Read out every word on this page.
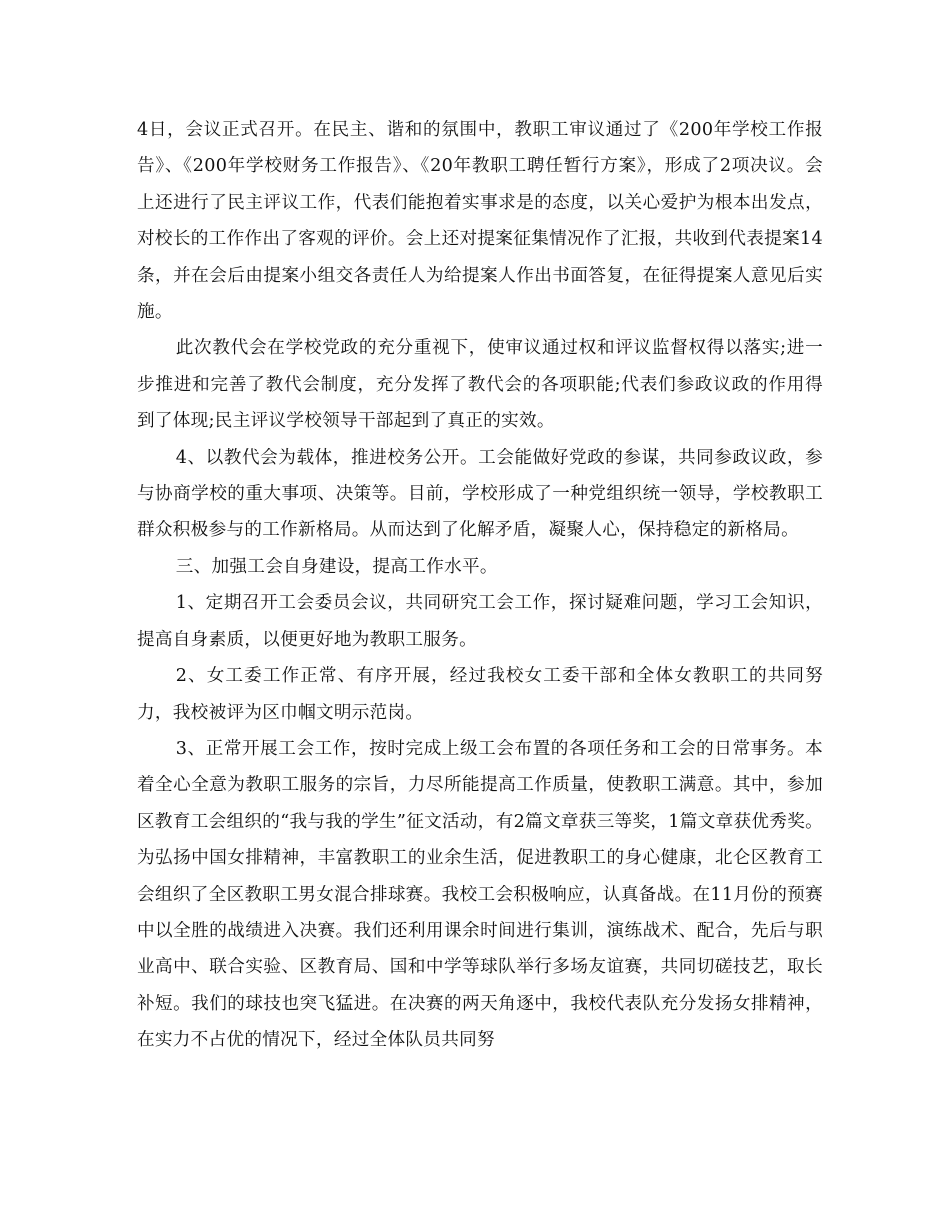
4日，会议正式召开。在民主、谐和的氛围中，教职工审议通过了《200年学校工作报告》、《200年学校财务工作报告》、《20年教职工聘任暂行方案》，形成了2项决议。会上还进行了民主评议工作，代表们能抱着实事求是的态度，以关心爱护为根本出发点，对校长的工作作出了客观的评价。会上还对提案征集情况作了汇报，共收到代表提案14条，并在会后由提案小组交各责任人为给提案人作出书面答复，在征得提案人意见后实施。

此次教代会在学校党政的充分重视下，使审议通过权和评议监督权得以落实;进一步推进和完善了教代会制度，充分发挥了教代会的各项职能;代表们参政议政的作用得到了体现;民主评议学校领导干部起到了真正的实效。

4、以教代会为载体，推进校务公开。工会能做好党政的参谋，共同参政议政，参与协商学校的重大事项、决策等。目前，学校形成了一种党组织统一领导，学校教职工群众积极参与的工作新格局。从而达到了化解矛盾，凝聚人心，保持稳定的新格局。

三、加强工会自身建设，提高工作水平。

1、定期召开工会委员会议，共同研究工会工作，探讨疑难问题，学习工会知识，提高自身素质，以便更好地为教职工服务。

2、女工委工作正常、有序开展，经过我校女工委干部和全体女教职工的共同努力，我校被评为区巾帼文明示范岗。

3、正常开展工会工作，按时完成上级工会布置的各项任务和工会的日常事务。本着全心全意为教职工服务的宗旨，力尽所能提高工作质量，使教职工满意。其中，参加区教育工会组织的“我与我的学生”征文活动，有2篇文章获三等奖，1篇文章获优秀奖。为弘扬中国女排精神，丰富教职工的业余生活，促进教职工的身心健康，北仑区教育工会组织了全区教职工男女混合排球赛。我校工会积极响应，认真备战。在11月份的预赛中以全胜的战绩进入决赛。我们还利用课余时间进行集训，演练战术、配合，先后与职业高中、联合实验、区教育局、国和中学等球队举行多场友谊赛，共同切磋技艺，取长补短。我们的球技也突飞猛进。在决赛的两天角逐中，我校代表队充分发扬女排精神，在实力不占优的情况下，经过全体队员共同努
